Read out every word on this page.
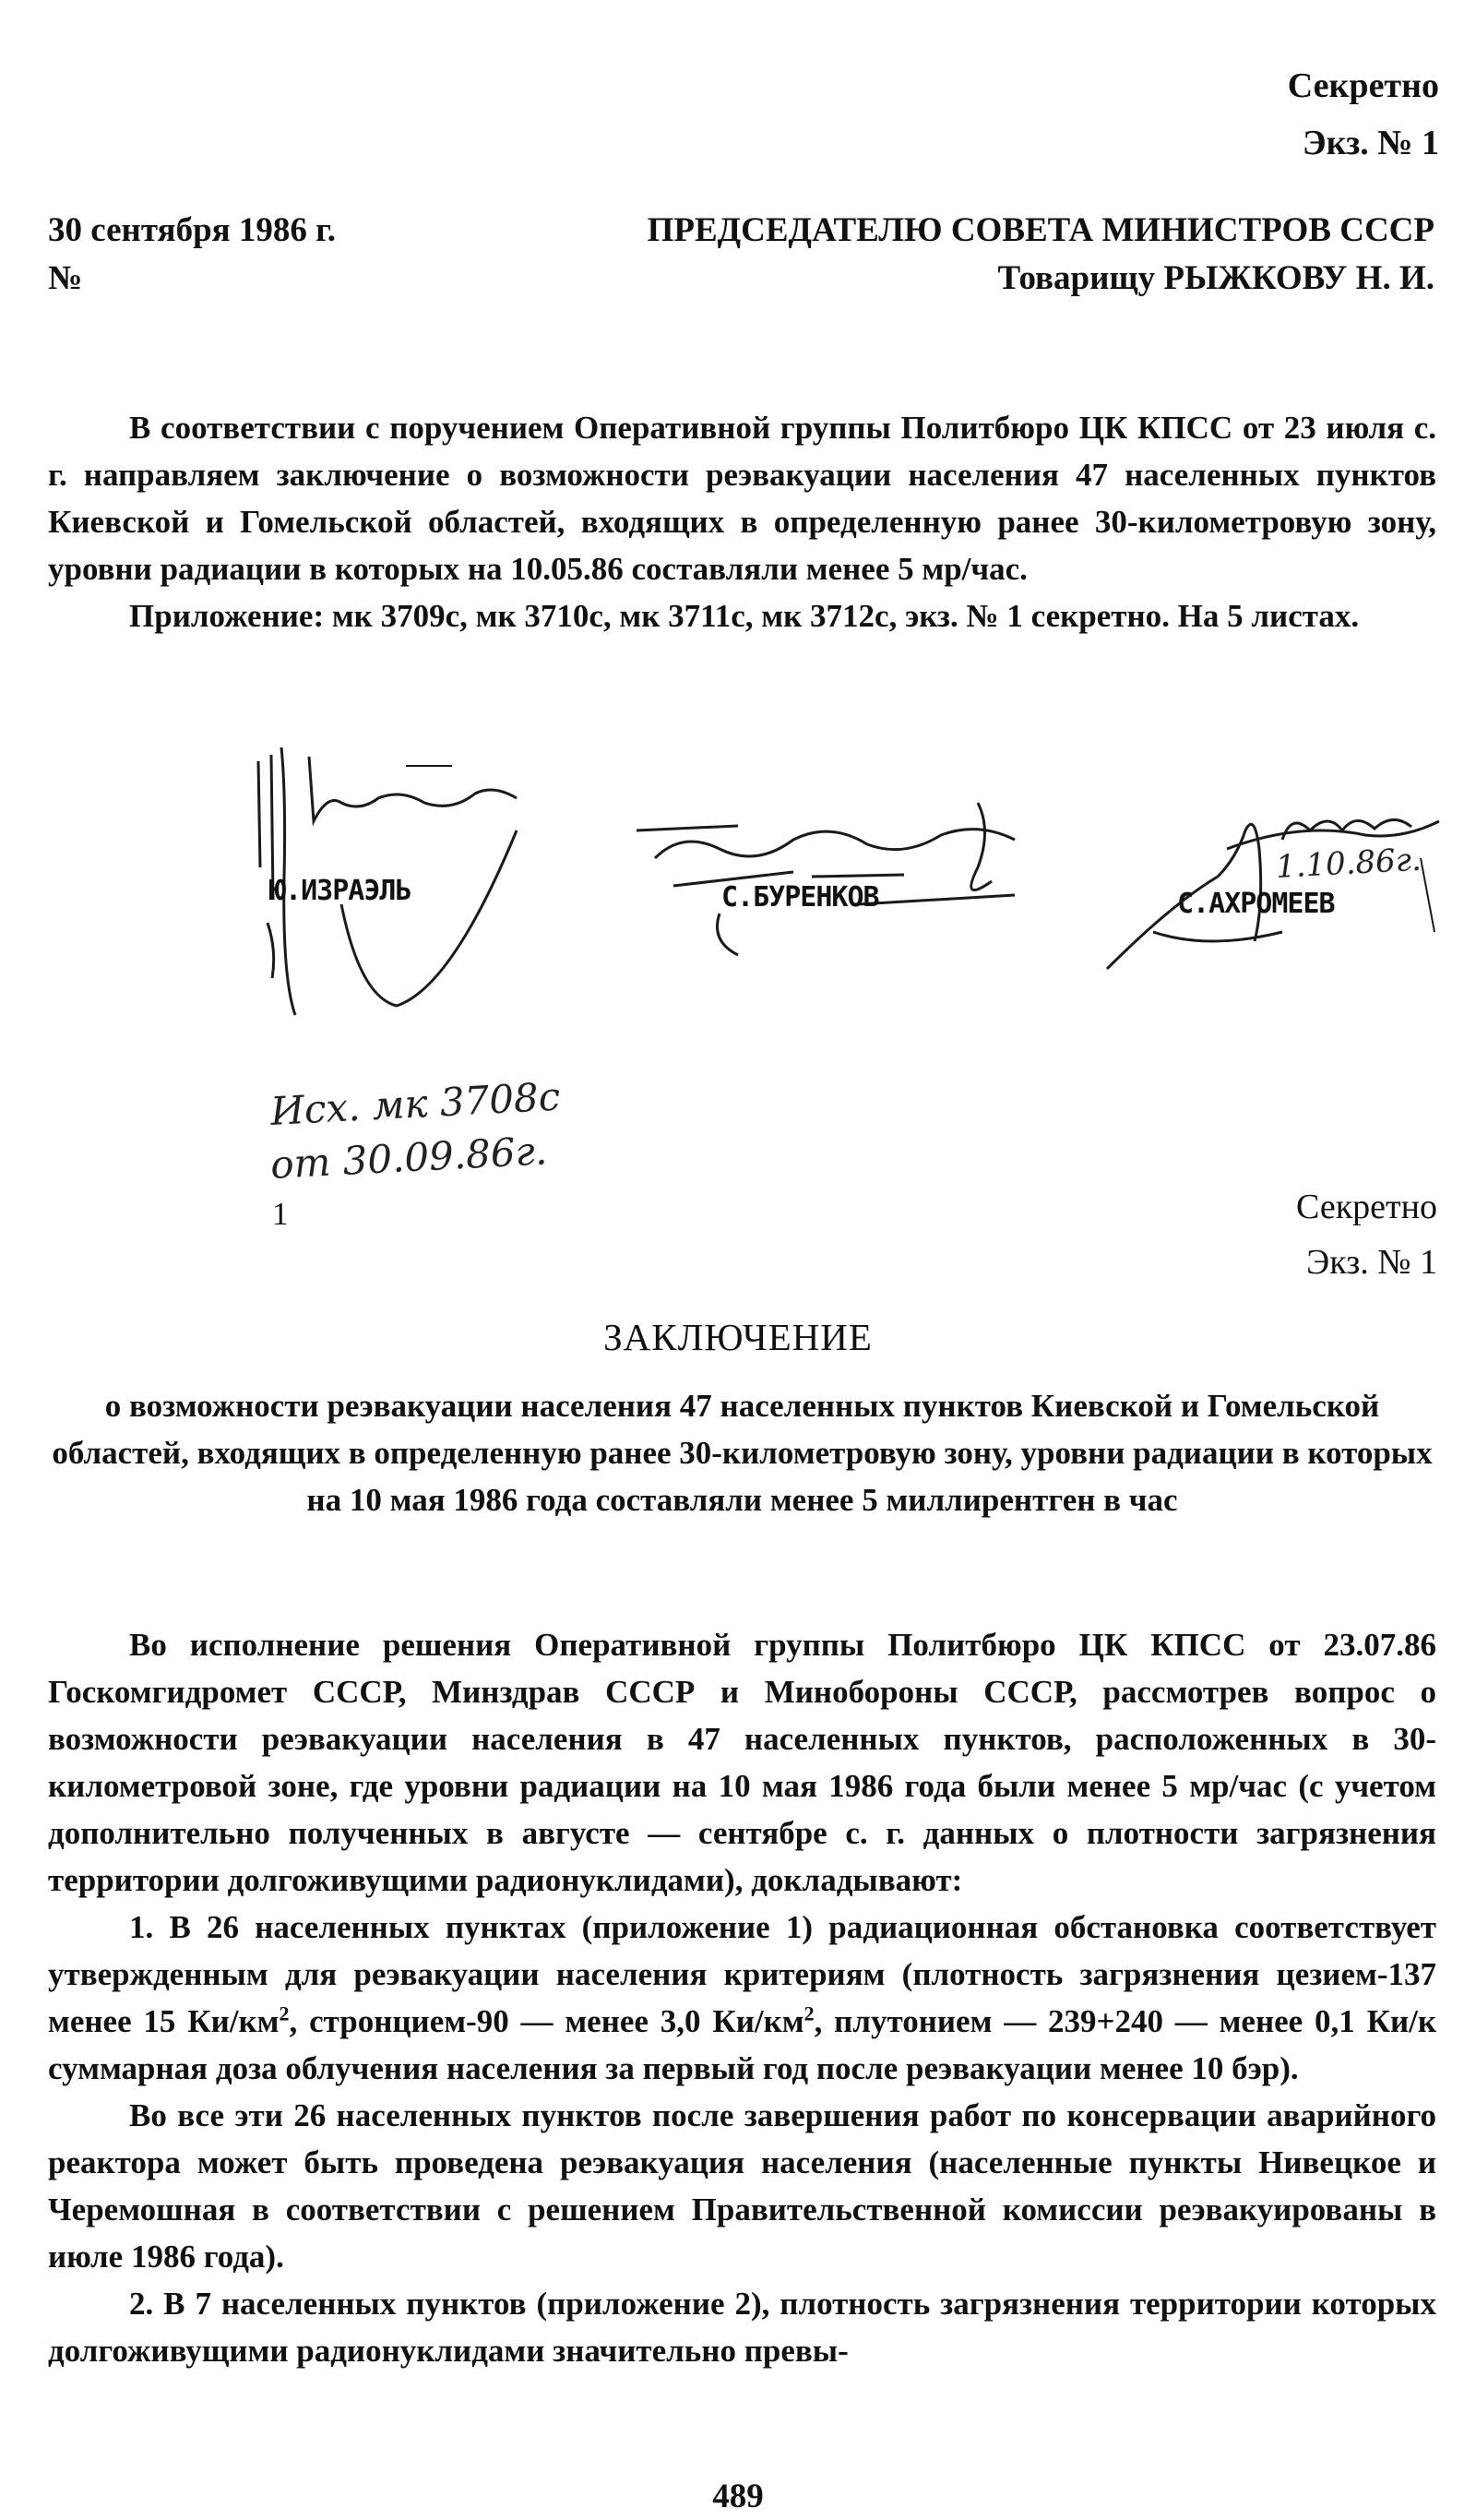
Секретно
Экз. № 1
30 сентября 1986 г.
№
ПРЕДСЕДАТЕЛЮ СОВЕТА МИНИСТРОВ СССР
Товарищу РЫЖКОВУ Н. И.

В соответствии с поручением Оперативной группы Политбюро ЦК КПСС от 23 июля с. г. направляем заключение о возможности реэвакуации населения 47 населенных пунктов Киевской и Гомельской областей, входящих в определенную ранее 30-километровую зону, уровни радиации в которых на 10.05.86 составляли менее 5 мр/час.

Приложение: мк 3709с, мк 3710с, мк 3711с, мк 3712с, экз. № 1 секретно. На 5 листах.

Ю.ИЗРАЭЛЬ	С.БУРЕНКОВ	С.АХРОМЕЕВ
1.10.86г.
Исх. мк 3708с
от 30.09.86г.
1	Секретно
Экз. № 1
ЗАКЛЮЧЕНИЕ
о возможности реэвакуации населения 47 населенных пунктов Киевской и Гомельской областей, входящих в определенную ранее 30-километровую зону, уровни радиации в которых на 10 мая 1986 года составляли менее 5 миллирентген в час

Во исполнение решения Оперативной группы Политбюро ЦК КПСС от 23.07.86 Госкомгидромет СССР, Минздрав СССР и Минобороны СССР, рассмотрев вопрос о возможности реэвакуации населения в 47 населенных пунктов, расположенных в 30-километровой зоне, где уровни радиации на 10 мая 1986 года были менее 5 мр/час (с учетом дополнительно полученных в августе — сентябре с. г. данных о плотности загрязнения территории долгоживущими радионуклидами), докладывают:

1. В 26 населенных пунктах (приложение 1) радиационная обстановка соответствует утвержденным для реэвакуации населения критериям (плотность загрязнения цезием-137 менее 15 $Ки/км^2$, стронцием-90 — менее 3,0 $Ки/км^2$, плутонием — 239+240 — менее 0,1 Ки/к суммарная доза облучения населения за первый год после реэвакуации менее 10 бэр).

Во все эти 26 населенных пунктов после завершения работ по консервации аварийного реактора может быть проведена реэвакуация населения (населенные пункты Нивецкое и Черемошная в соответствии с решением Правительственной комиссии реэвакуированы в июле 1986 года).

2. В 7 населенных пунктов (приложение 2), плотность загрязнения территории которых долгоживущими радионуклидами значительно превы-

489
